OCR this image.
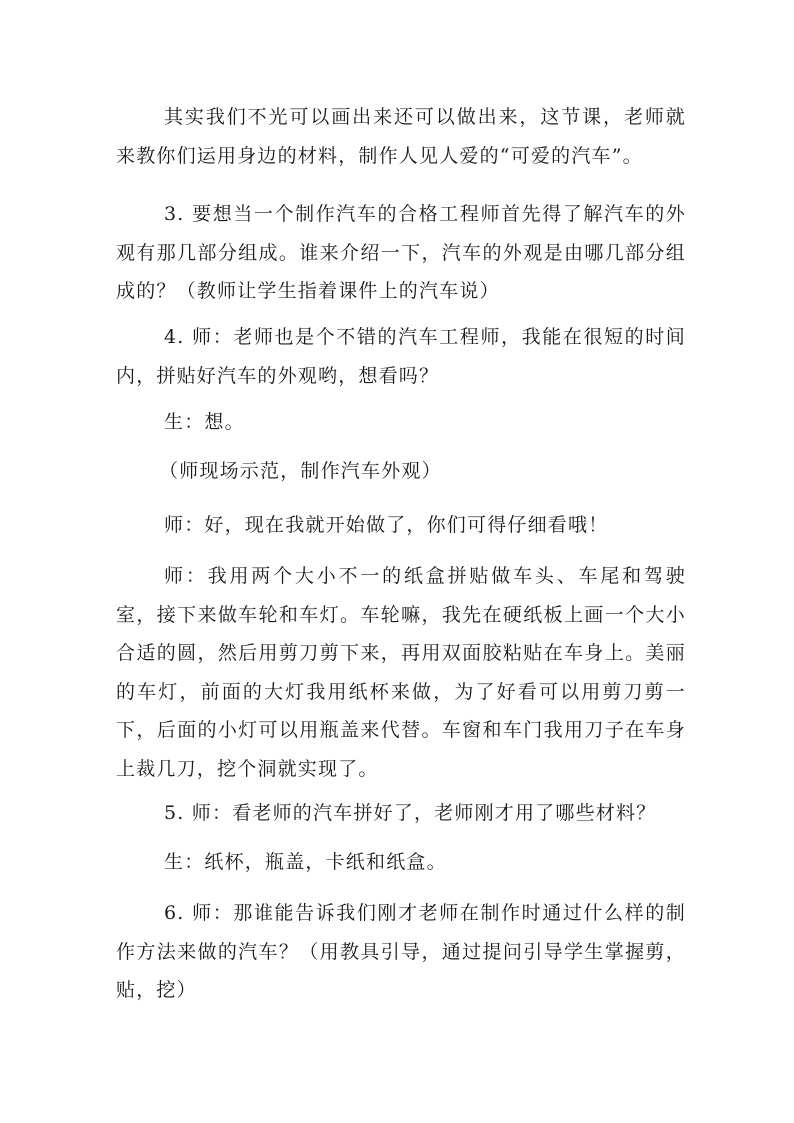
其实我们不光可以画出来还可以做出来，这节课，老师就来教你们运用身边的材料，制作人见人爱的“可爱的汽车”。

3. 要想当一个制作汽车的合格工程师首先得了解汽车的外观有那几部分组成。谁来介绍一下，汽车的外观是由哪几部分组成的？（教师让学生指着课件上的汽车说）

4. 师：老师也是个不错的汽车工程师，我能在很短的时间内，拼贴好汽车的外观哟，想看吗？

生：想。

（师现场示范，制作汽车外观）

师：好，现在我就开始做了，你们可得仔细看哦！

师：我用两个大小不一的纸盒拼贴做车头、车尾和驾驶室，接下来做车轮和车灯。车轮嘛，我先在硬纸板上画一个大小合适的圆，然后用剪刀剪下来，再用双面胶粘贴在车身上。美丽的车灯，前面的大灯我用纸杯来做，为了好看可以用剪刀剪一下，后面的小灯可以用瓶盖来代替。车窗和车门我用刀子在车身上裁几刀，挖个洞就实现了。

5. 师：看老师的汽车拼好了，老师刚才用了哪些材料？

生：纸杯，瓶盖，卡纸和纸盒。

6. 师：那谁能告诉我们刚才老师在制作时通过什么样的制作方法来做的汽车？（用教具引导，通过提问引导学生掌握剪，贴，挖）
